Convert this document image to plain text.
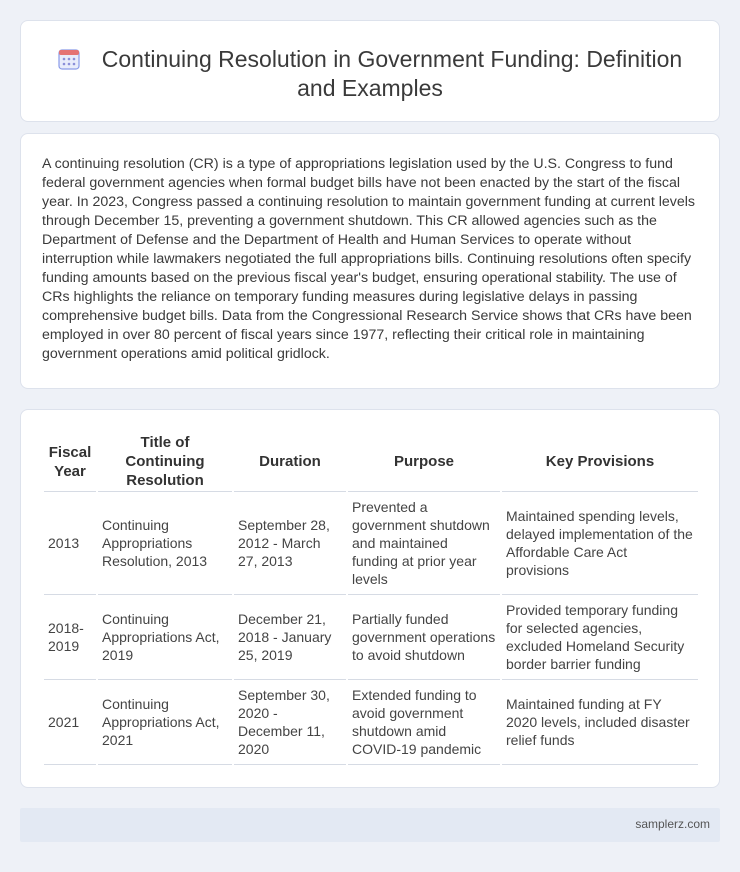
Continuing Resolution in Government Funding: Definition and Examples

A continuing resolution (CR) is a type of appropriations legislation used by the U.S. Congress to fund federal government agencies when formal budget bills have not been enacted by the start of the fiscal year. In 2023, Congress passed a continuing resolution to maintain government funding at current levels through December 15, preventing a government shutdown. This CR allowed agencies such as the Department of Defense and the Department of Health and Human Services to operate without interruption while lawmakers negotiated the full appropriations bills. Continuing resolutions often specify funding amounts based on the previous fiscal year's budget, ensuring operational stability. The use of CRs highlights the reliance on temporary funding measures during legislative delays in passing comprehensive budget bills. Data from the Congressional Research Service shows that CRs have been employed in over 80 percent of fiscal years since 1977, reflecting their critical role in maintaining government operations amid political gridlock.

Fiscal Year	Title of Continuing Resolution	Duration	Purpose	Key Provisions
2013	Continuing Appropriations Resolution, 2013	September 28, 2012 - March 27, 2013	Prevented a government shutdown and maintained funding at prior year levels	Maintained spending levels, delayed implementation of the Affordable Care Act provisions
2018-2019	Continuing Appropriations Act, 2019	December 21, 2018 - January 25, 2019	Partially funded government operations to avoid shutdown	Provided temporary funding for selected agencies, excluded Homeland Security border barrier funding
2021	Continuing Appropriations Act, 2021	September 30, 2020 - December 11, 2020	Extended funding to avoid government shutdown amid COVID-19 pandemic	Maintained funding at FY 2020 levels, included disaster relief funds
samplerz.com
